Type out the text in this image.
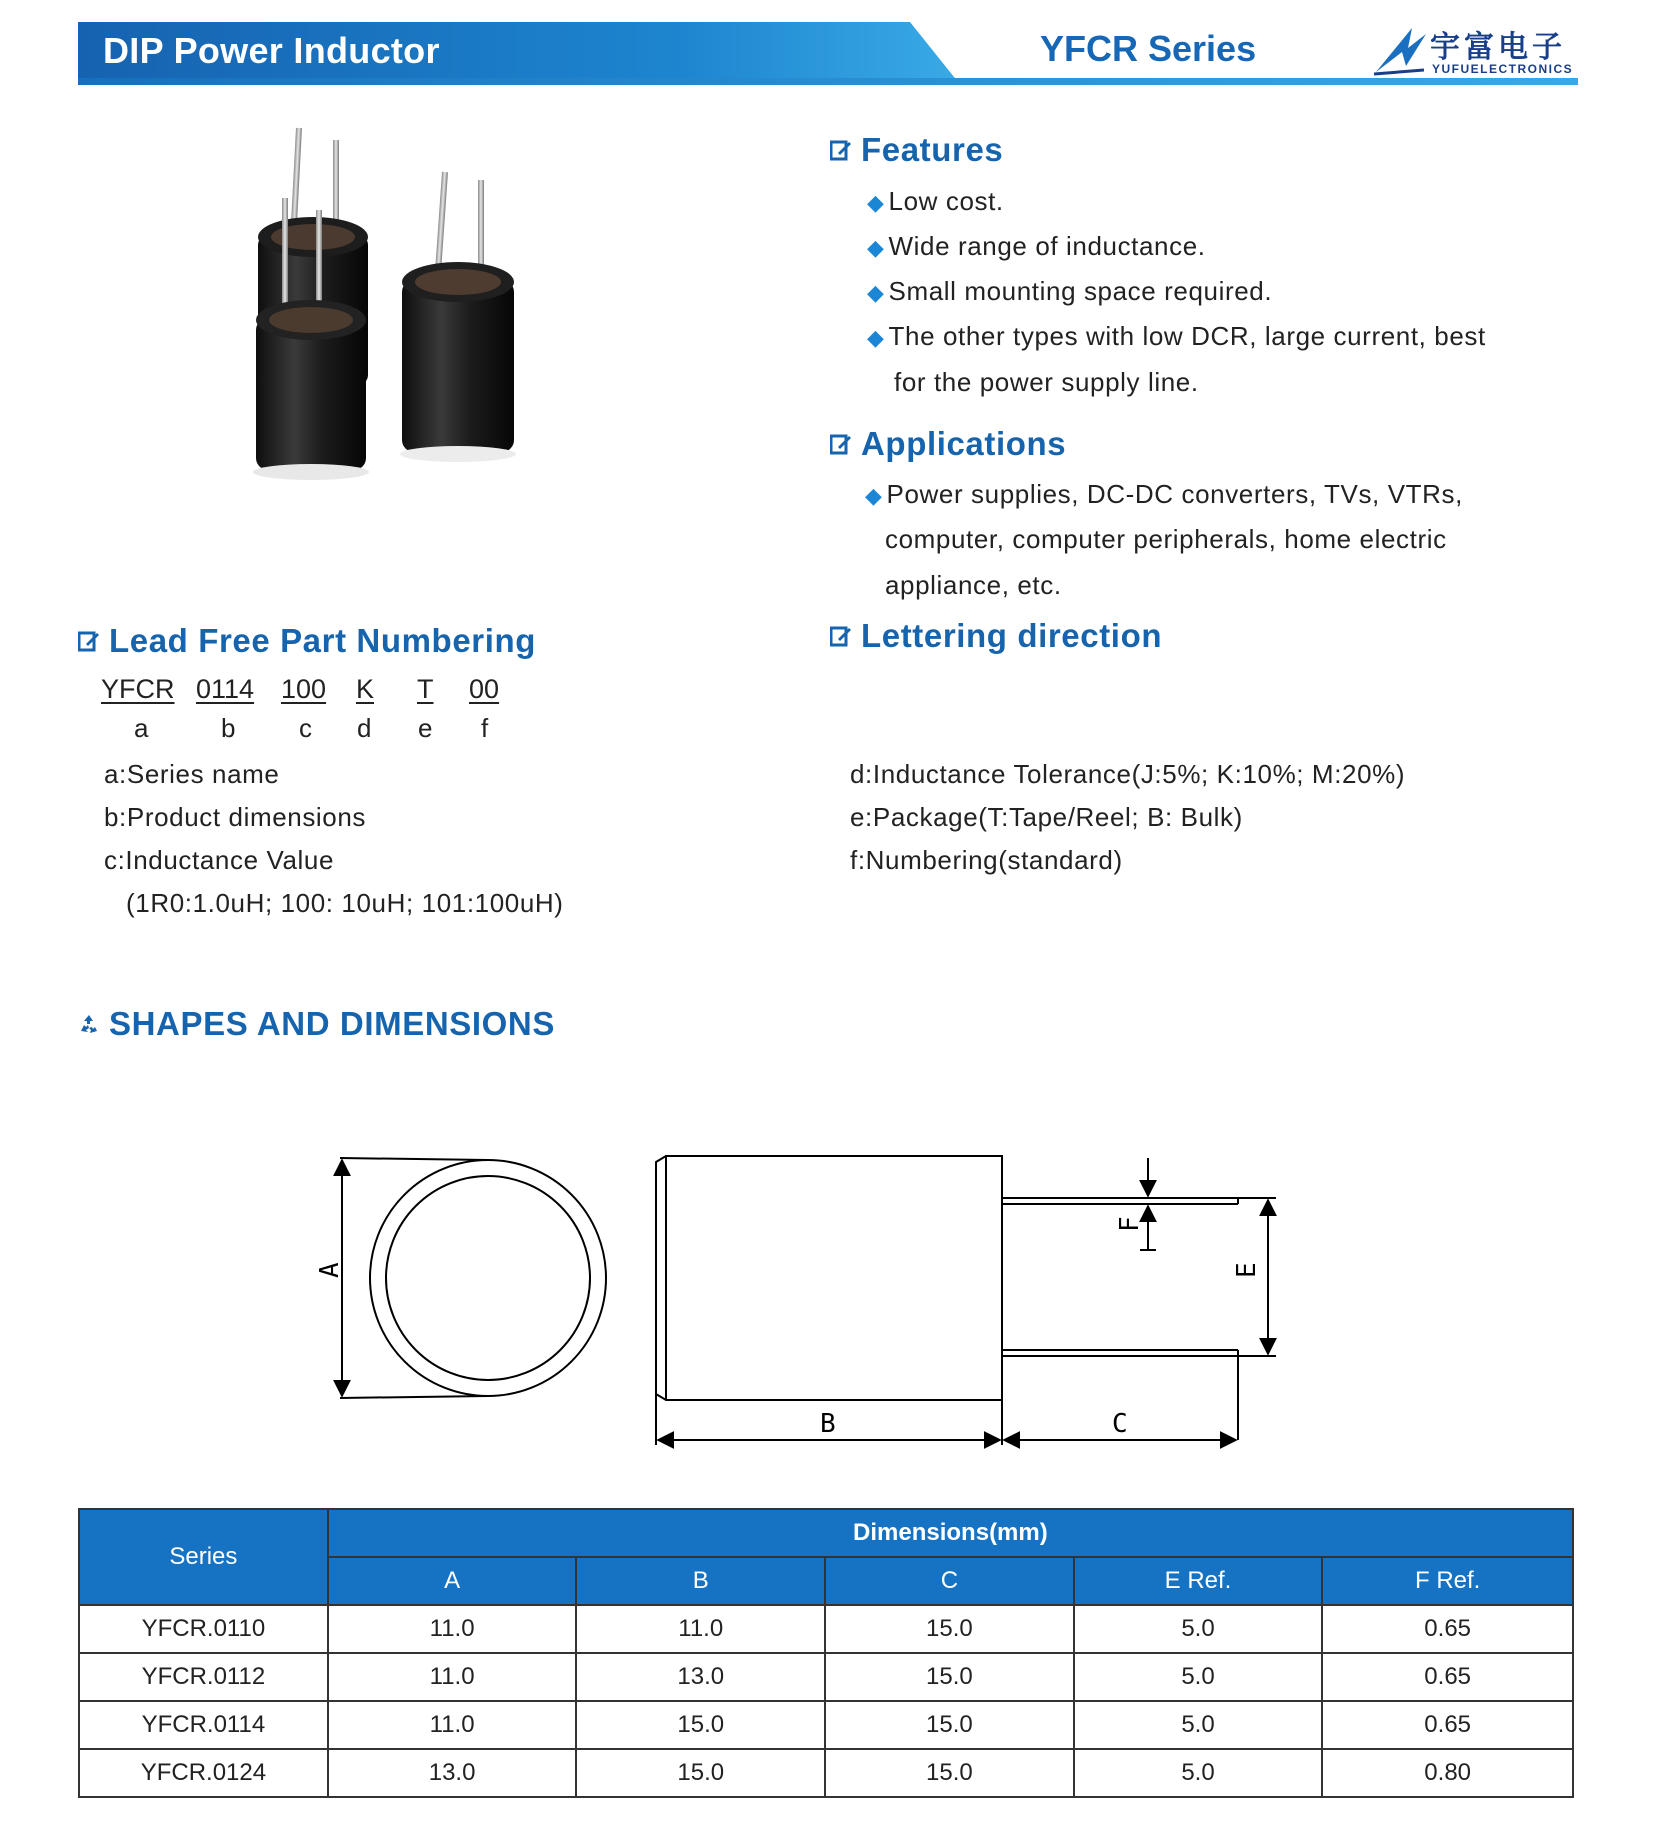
DIP Power Inductor	YFCR Series	宇富电子
YUFUELECTRONICS
Features
◆ Low cost.
◆ Wide range of inductance.
◆ Small mounting space required.
◆ The other types with low DCR, large current, best
for the power supply line.
Applications
◆ Power supplies, DC-DC converters, TVs, VTRs,
computer, computer peripherals, home electric
appliance, etc.
Lettering direction
Lead Free Part Numbering
YFCR 0114 100 K T 00
a	b c d e f
a:Series name
b:Product dimensions
c:Inductance Value
(1R0:1.0uH; 100: 10uH; 101:100uH)
d:Inductance Tolerance(J:5%; K:10%; M:20%)
e:Package(T:Tape/Reel; B: Bulk)
f:Numbering(standard)
SHAPES AND DIMENSIONS
A
B	C
E
F
Series	Dimensions(mm)				
	A	B	C	E Ref.	F Ref.
YFCR.0110	11.0	11.0	15.0	5.0	0.65
YFCR.0112	11.0	13.0	15.0	5.0	0.65
YFCR.0114	11.0	15.0	15.0	5.0	0.65
YFCR.0124	13.0	15.0	15.0	5.0	0.80
